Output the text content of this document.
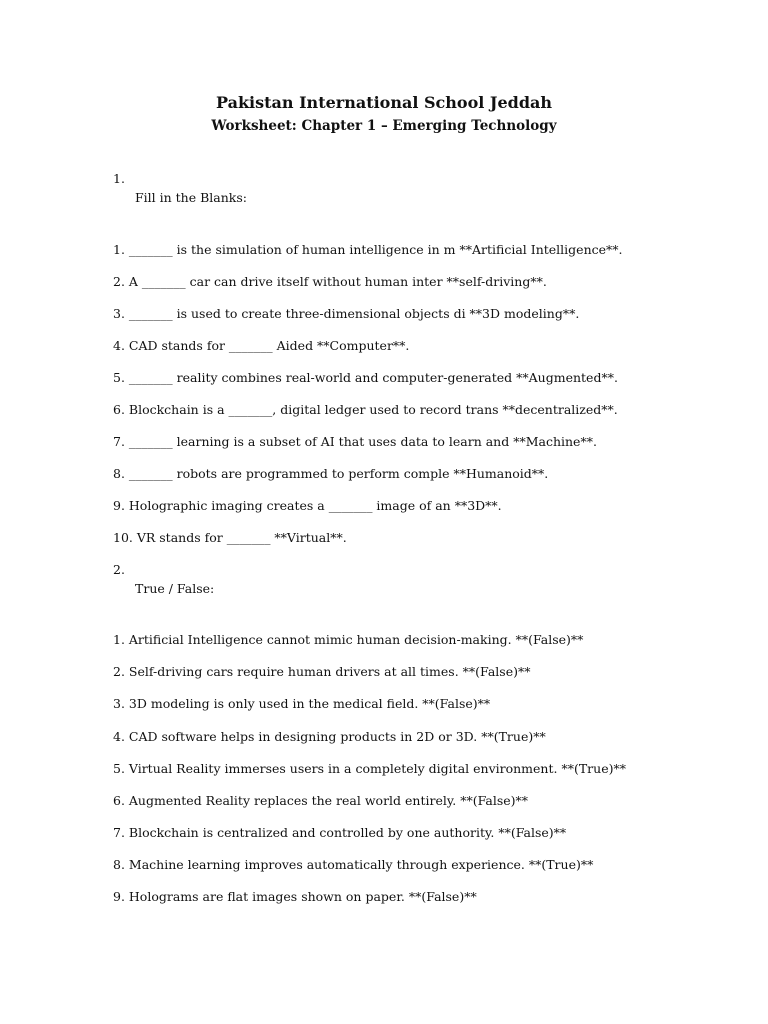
Pakistan International School Jeddah
Worksheet: Chapter 1 – Emerging Technology
1.
Fill in the Blanks:
1. _______ is the simulation of human intelligence in m **Artificial Intelligence**.
2. A _______ car can drive itself without human inter **self-driving**.
3. _______ is used to create three-dimensional objects di **3D modeling**.
4. CAD stands for _______ Aided **Computer**.
5. _______ reality combines real-world and computer-generated **Augmented**.
6. Blockchain is a _______, digital ledger used to record trans **decentralized**.
7. _______ learning is a subset of AI that uses data to learn and **Machine**.
8. _______ robots are programmed to perform comple **Humanoid**.
9. Holographic imaging creates a _______ image of an **3D**.
10. VR stands for _______ **Virtual**.
2.
True / False:
1. Artificial Intelligence cannot mimic human decision-making. **(False)**
2. Self-driving cars require human drivers at all times. **(False)**
3. 3D modeling is only used in the medical field. **(False)**
4. CAD software helps in designing products in 2D or 3D. **(True)**
5. Virtual Reality immerses users in a completely digital environment. **(True)**
6. Augmented Reality replaces the real world entirely. **(False)**
7. Blockchain is centralized and controlled by one authority. **(False)**
8. Machine learning improves automatically through experience. **(True)**
9. Holograms are flat images shown on paper. **(False)**
